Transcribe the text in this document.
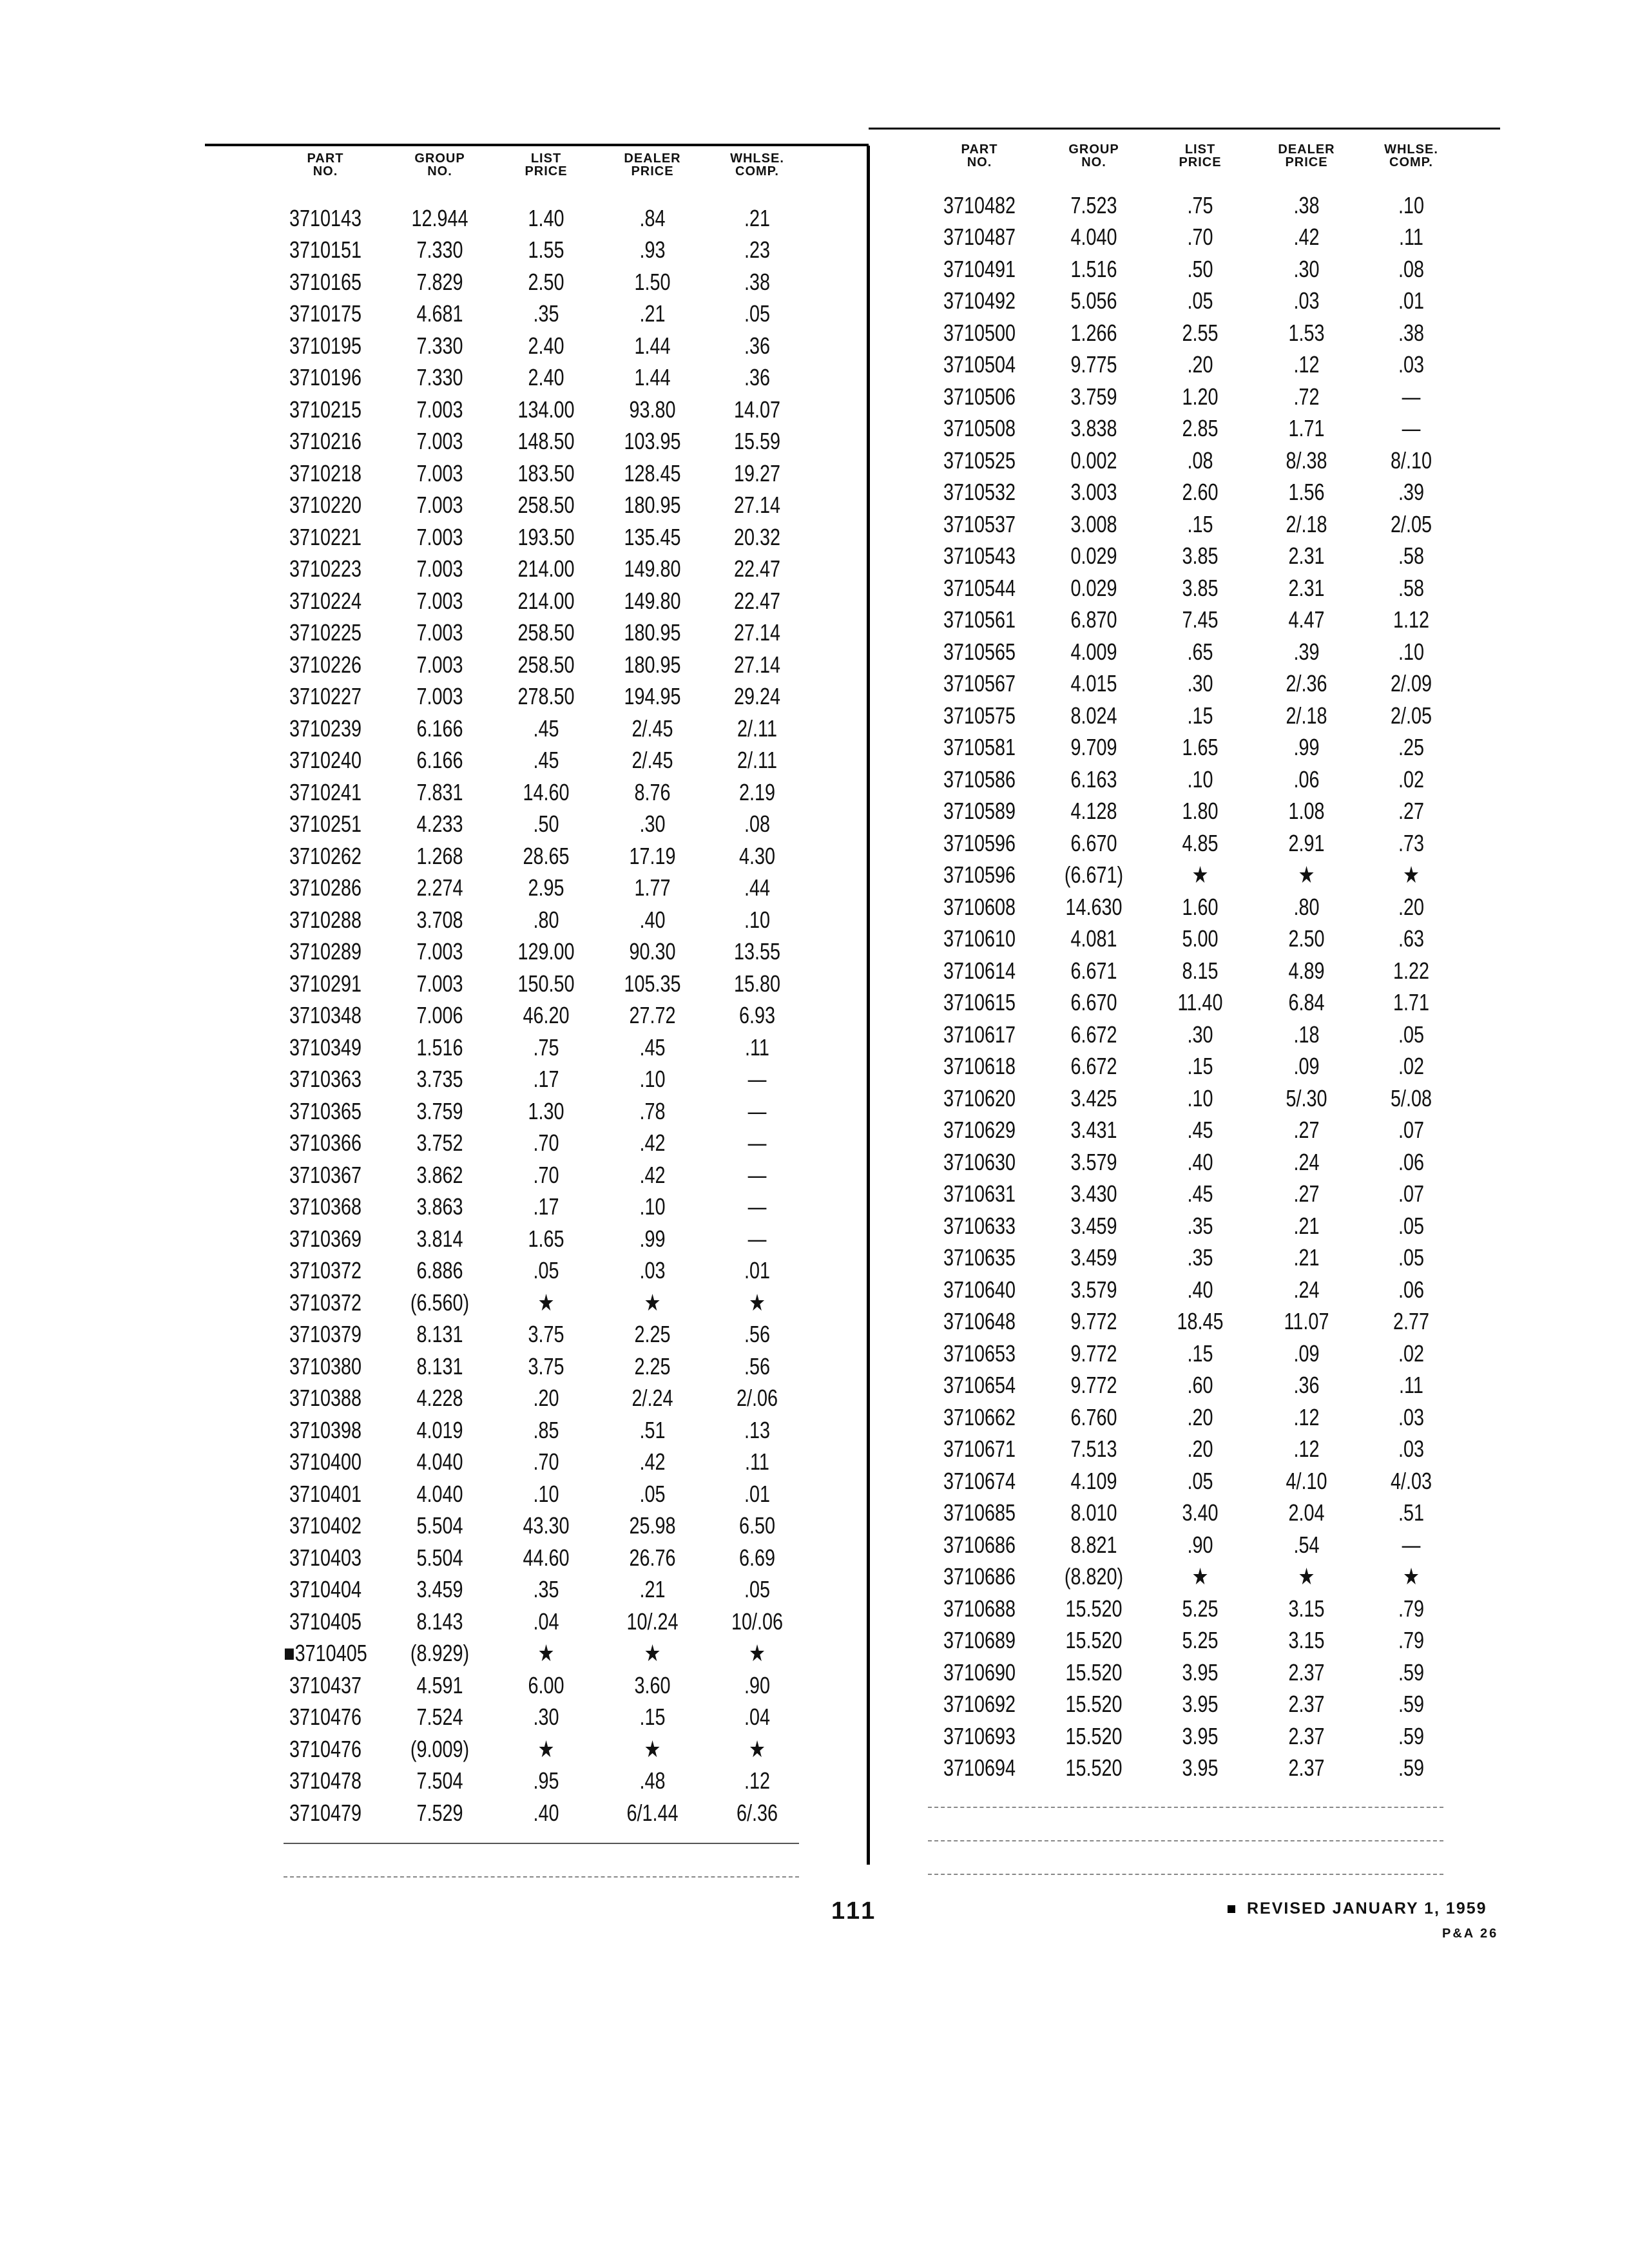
PART
NO.
GROUP
NO.
LIST
PRICE
DEALER
PRICE
WHLSE.
COMP.
3710143	12.944	1.40	.84	.21
3710151	7.330	1.55	.93	.23
3710165	7.829	2.50	1.50	.38
3710175	4.681	.35	.21	.05
3710195	7.330	2.40	1.44	.36
3710196	7.330	2.40	1.44	.36
3710215	7.003	134.00	93.80	14.07
3710216	7.003	148.50	103.95	15.59
3710218	7.003	183.50	128.45	19.27
3710220	7.003	258.50	180.95	27.14
3710221	7.003	193.50	135.45	20.32
3710223	7.003	214.00	149.80	22.47
3710224	7.003	214.00	149.80	22.47
3710225	7.003	258.50	180.95	27.14
3710226	7.003	258.50	180.95	27.14
3710227	7.003	278.50	194.95	29.24
3710239	6.166	.45	2/.45	2/.11
3710240	6.166	.45	2/.45	2/.11
3710241	7.831	14.60	8.76	2.19
3710251	4.233	.50	.30	.08
3710262	1.268	28.65	17.19	4.30
3710286	2.274	2.95	1.77	.44
3710288	3.708	.80	.40	.10
3710289	7.003	129.00	90.30	13.55
3710291	7.003	150.50	105.35	15.80
3710348	7.006	46.20	27.72	6.93
3710349	1.516	.75	.45	.11
3710363	3.735	.17	.10	—
3710365	3.759	1.30	.78	—
3710366	3.752	.70	.42	—
3710367	3.862	.70	.42	—
3710368	3.863	.17	.10	—
3710369	3.814	1.65	.99	—
3710372	6.886	.05	.03	.01
3710372	(6.560)	★	★	★
3710379	8.131	3.75	2.25	.56
3710380	8.131	3.75	2.25	.56
3710388	4.228	.20	2/.24	2/.06
3710398	4.019	.85	.51	.13
3710400	4.040	.70	.42	.11
3710401	4.040	.10	.05	.01
3710402	5.504	43.30	25.98	6.50
3710403	5.504	44.60	26.76	6.69
3710404	3.459	.35	.21	.05
3710405	8.143	.04	10/.24	10/.06
■3710405	(8.929)	★	★	★
3710437	4.591	6.00	3.60	.90
3710476	7.524	.30	.15	.04
3710476	(9.009)	★	★	★
3710478	7.504	.95	.48	.12
3710479	7.529	.40	6/1.44	6/.36
PART
NO.
GROUP
NO.
LIST
PRICE
DEALER
PRICE
WHLSE.
COMP.
3710482	7.523	.75	.38	.10
3710487	4.040	.70	.42	.11
3710491	1.516	.50	.30	.08
3710492	5.056	.05	.03	.01
3710500	1.266	2.55	1.53	.38
3710504	9.775	.20	.12	.03
3710506	3.759	1.20	.72	—
3710508	3.838	2.85	1.71	—
3710525	0.002	.08	8/.38	8/.10
3710532	3.003	2.60	1.56	.39
3710537	3.008	.15	2/.18	2/.05
3710543	0.029	3.85	2.31	.58
3710544	0.029	3.85	2.31	.58
3710561	6.870	7.45	4.47	1.12
3710565	4.009	.65	.39	.10
3710567	4.015	.30	2/.36	2/.09
3710575	8.024	.15	2/.18	2/.05
3710581	9.709	1.65	.99	.25
3710586	6.163	.10	.06	.02
3710589	4.128	1.80	1.08	.27
3710596	6.670	4.85	2.91	.73
3710596	(6.671)	★	★	★
3710608	14.630	1.60	.80	.20
3710610	4.081	5.00	2.50	.63
3710614	6.671	8.15	4.89	1.22
3710615	6.670	11.40	6.84	1.71
3710617	6.672	.30	.18	.05
3710618	6.672	.15	.09	.02
3710620	3.425	.10	5/.30	5/.08
3710629	3.431	.45	.27	.07
3710630	3.579	.40	.24	.06
3710631	3.430	.45	.27	.07
3710633	3.459	.35	.21	.05
3710635	3.459	.35	.21	.05
3710640	3.579	.40	.24	.06
3710648	9.772	18.45	11.07	2.77
3710653	9.772	.15	.09	.02
3710654	9.772	.60	.36	.11
3710662	6.760	.20	.12	.03
3710671	7.513	.20	.12	.03
3710674	4.109	.05	4/.10	4/.03
3710685	8.010	3.40	2.04	.51
3710686	8.821	.90	.54	—
3710686	(8.820)	★	★	★
3710688	15.520	5.25	3.15	.79
3710689	15.520	5.25	3.15	.79
3710690	15.520	3.95	2.37	.59
3710692	15.520	3.95	2.37	.59
3710693	15.520	3.95	2.37	.59
3710694	15.520	3.95	2.37	.59
111	REVISED JANUARY 1, 1959
P&A 26
